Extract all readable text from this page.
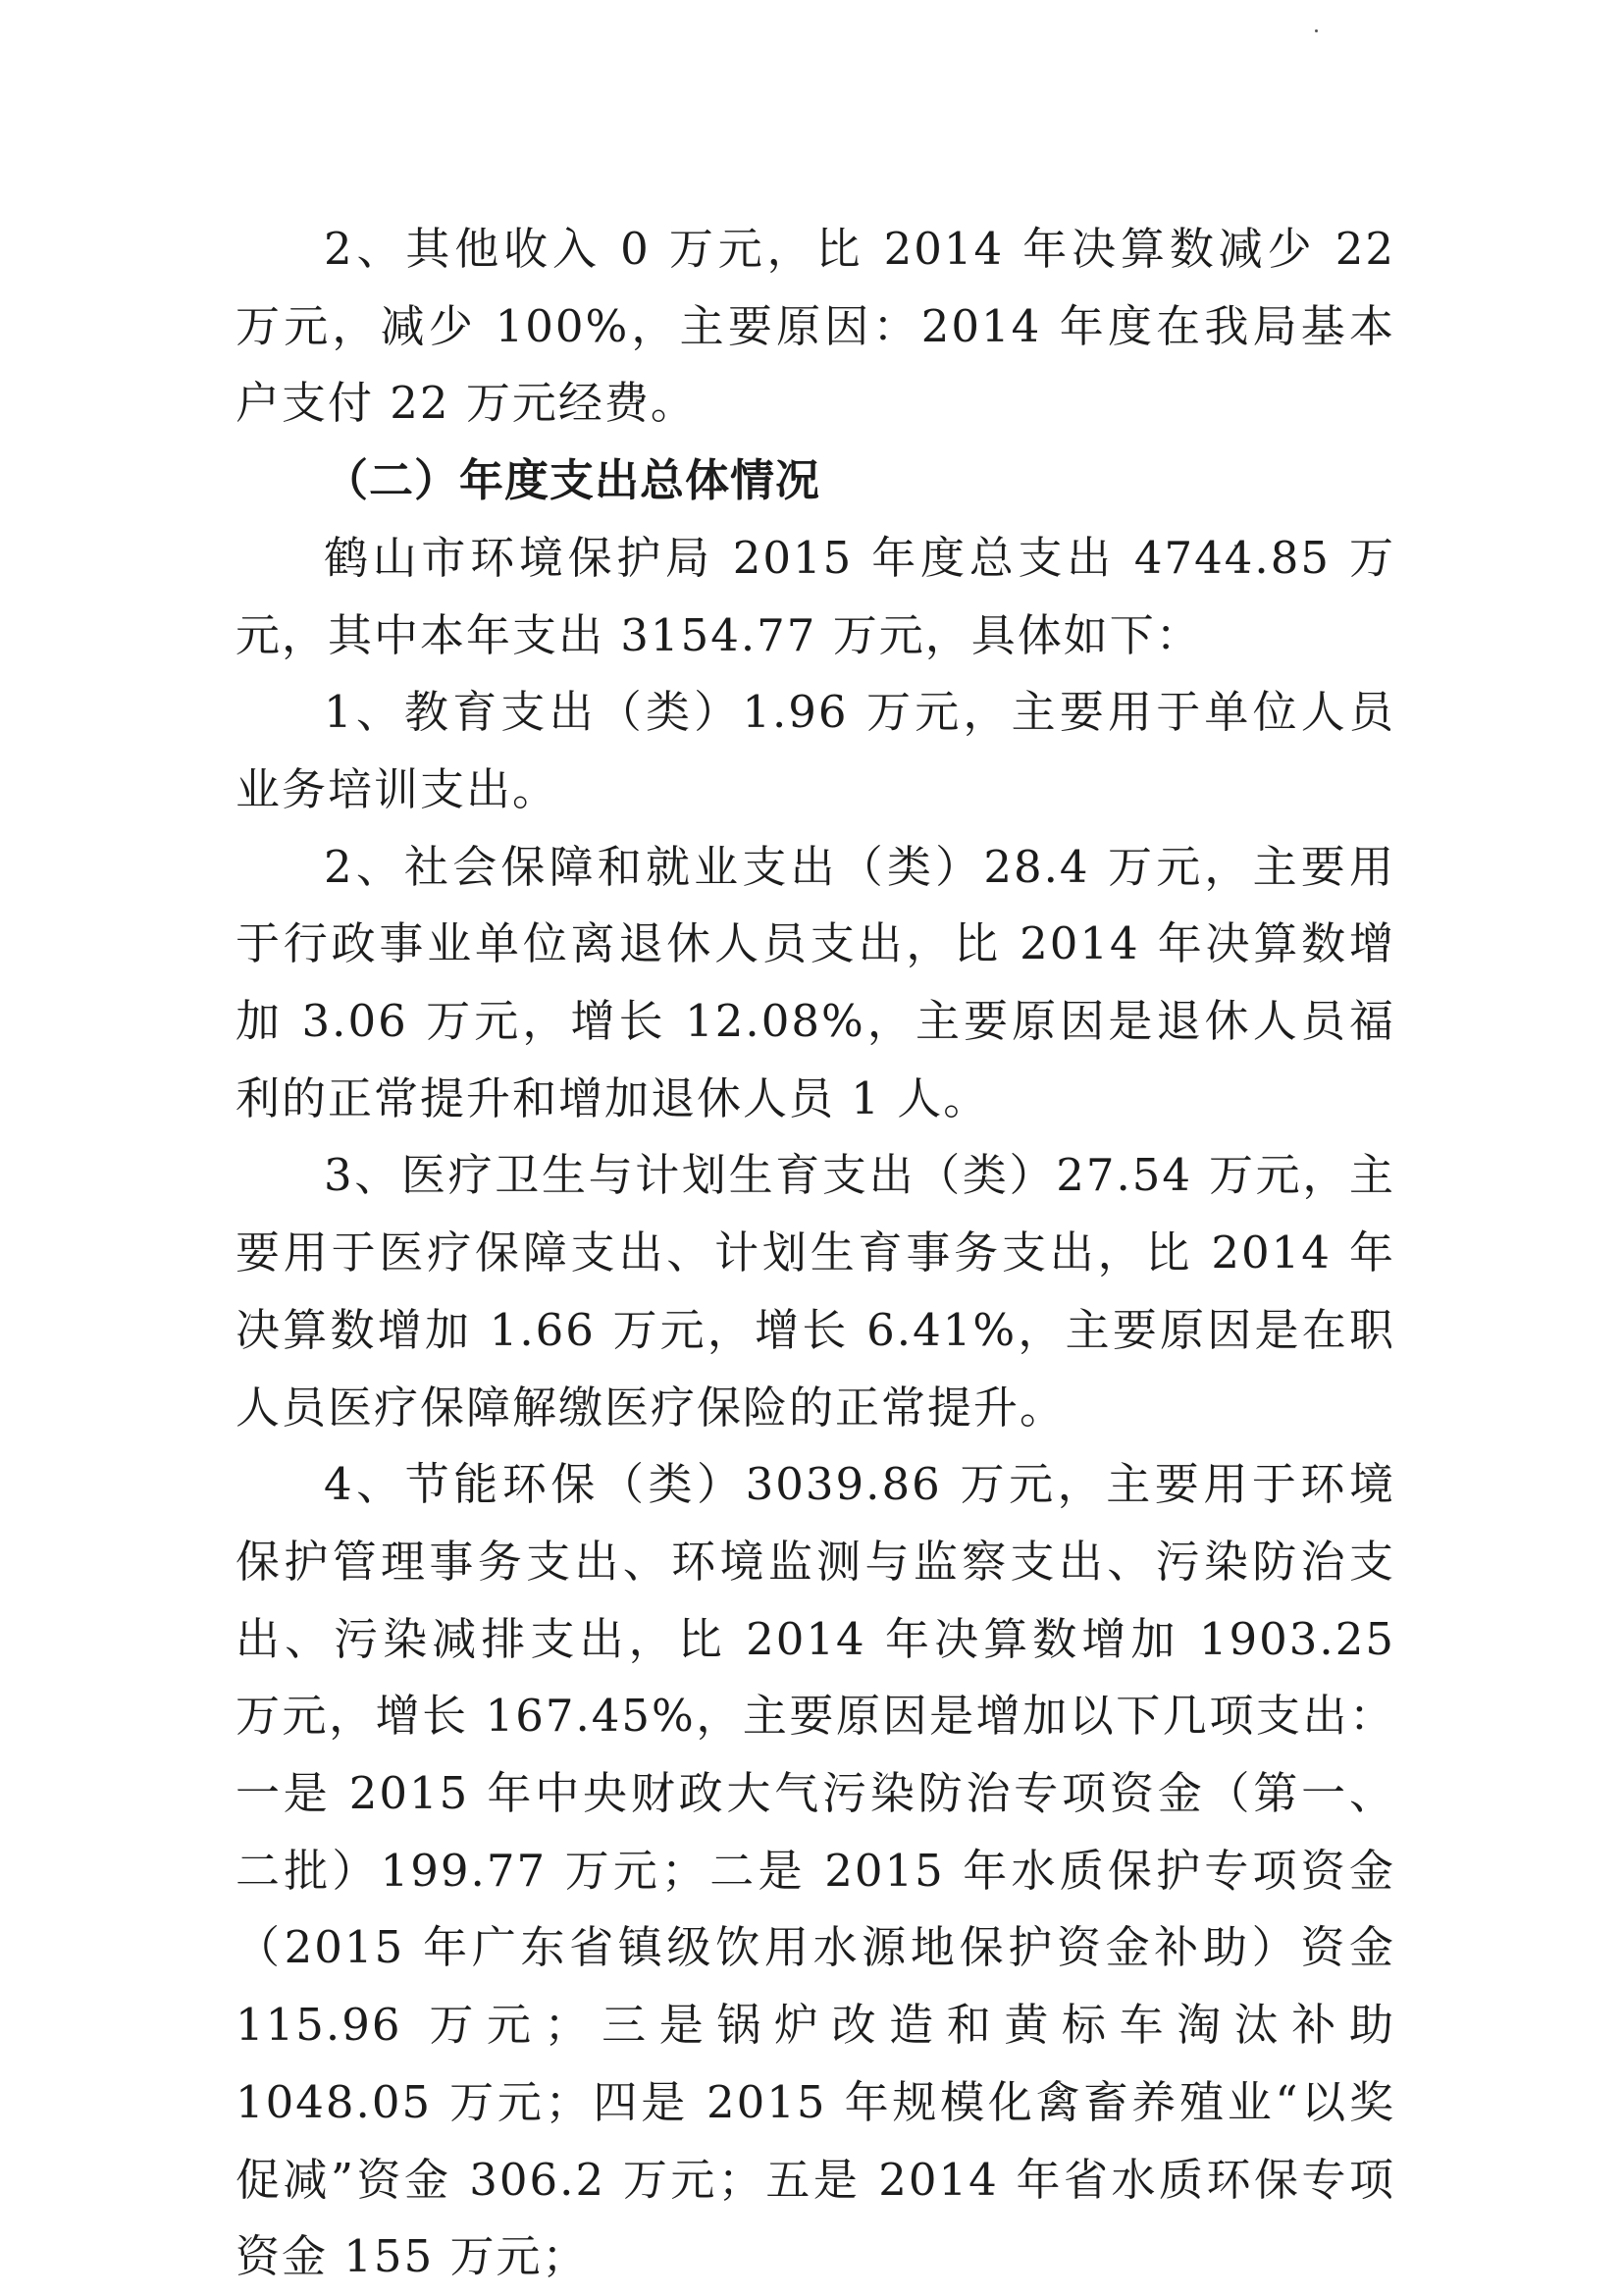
2、其他收入 0 万元，比 2014 年决算数减少 22 万元，减少 100%，主要原因：2014 年度在我局基本户支付 22 万元经费。

（二）年度支出总体情况

鹤山市环境保护局 2015 年度总支出 4744.85 万元，其中本年支出 3154.77 万元，具体如下：

1、教育支出（类）1.96 万元，主要用于单位人员业务培训支出。

2、社会保障和就业支出（类）28.4 万元，主要用于行政事业单位离退休人员支出，比 2014 年决算数增加 3.06 万元，增长 12.08%，主要原因是退休人员福利的正常提升和增加退休人员 1 人。

3、医疗卫生与计划生育支出（类）27.54 万元，主要用于医疗保障支出、计划生育事务支出，比 2014 年决算数增加 1.66 万元，增长 6.41%，主要原因是在职人员医疗保障解缴医疗保险的正常提升。

4、节能环保（类）3039.86 万元，主要用于环境保护管理事务支出、环境监测与监察支出、污染防治支出、污染减排支出，比 2014 年决算数增加 1903.25 万元，增长 167.45%，主要原因是增加以下几项支出：一是 2015 年中央财政大气污染防治专项资金（第一、二批）199.77 万元；二是 2015 年水质保护专项资金（2015 年广东省镇级饮用水源地保护资金补助）资金 115.96 万元；三是锅炉改造和黄标车淘汰补助 1048.05 万元；四是 2015 年规模化禽畜养殖业“以奖促减”资金 306.2 万元；五是 2014 年省水质环保专项资金 155 万元；
